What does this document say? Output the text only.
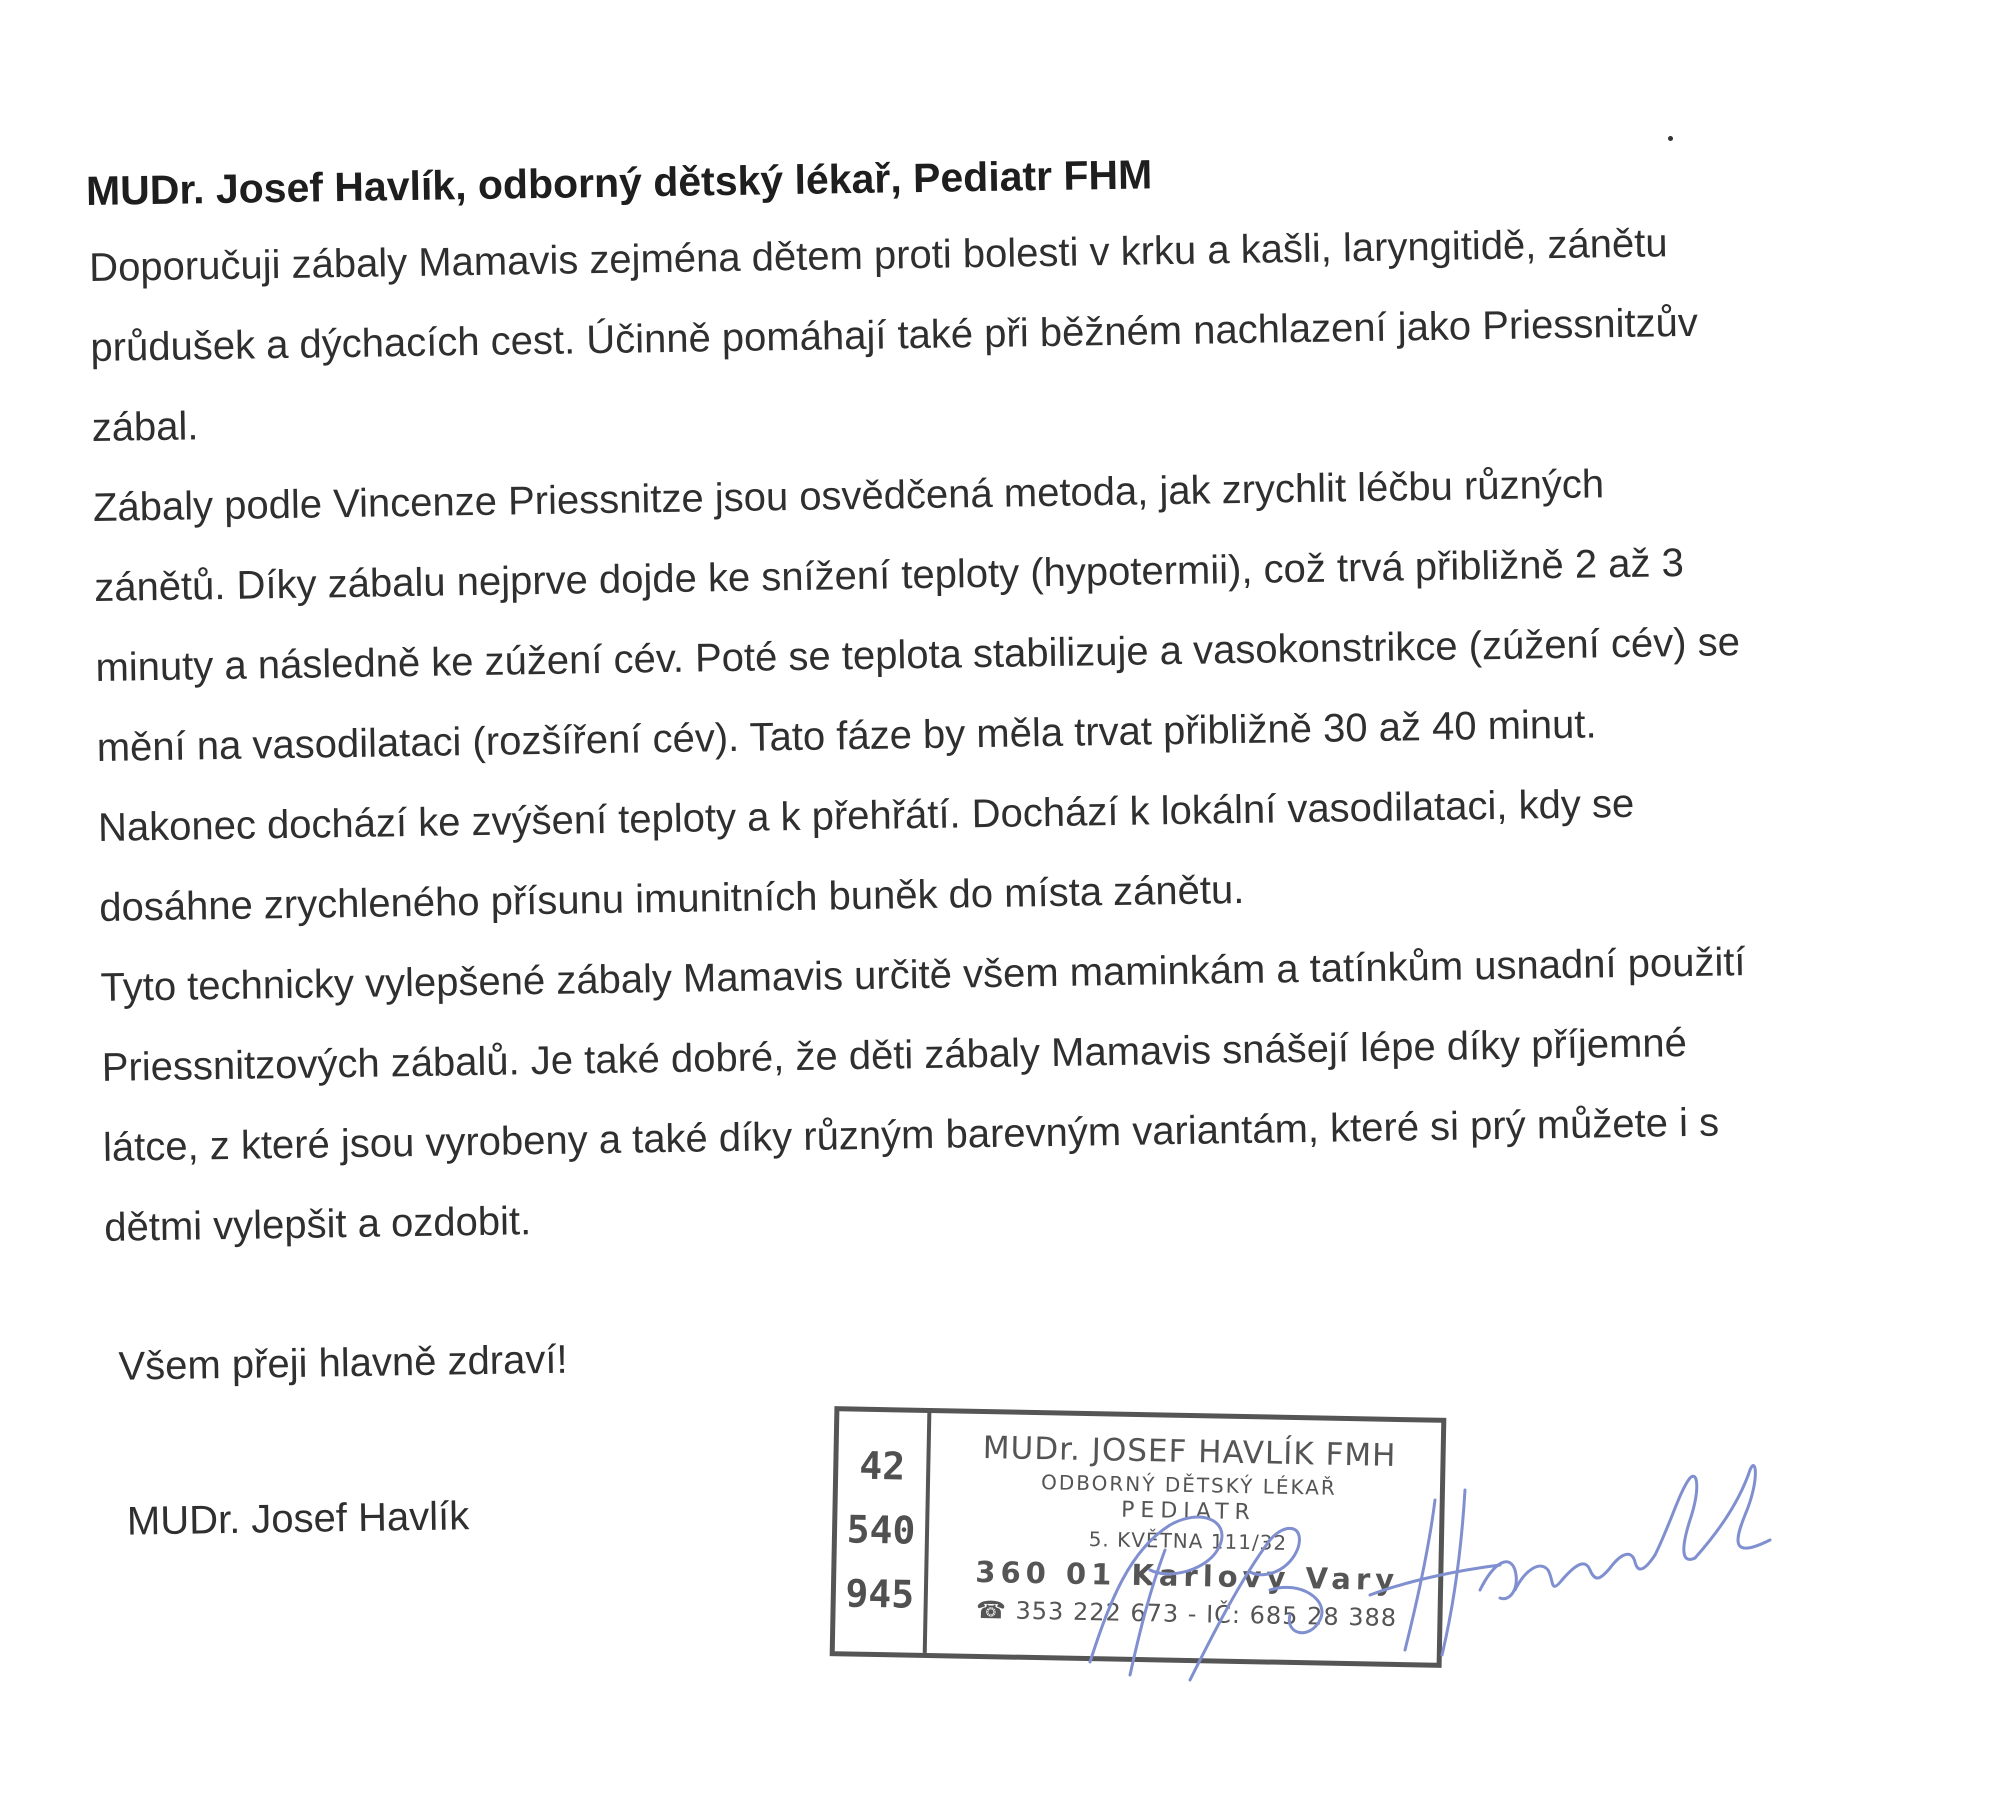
MUDr. Josef Havlík, odborný dětský lékař, Pediatr FHM
Doporučuji zábaly Mamavis zejména dětem proti bolesti v krku a kašli, laryngitidě, zánětu
průdušek a dýchacích cest. Účinně pomáhají také při běžném nachlazení jako Priessnitzův
zábal.
Zábaly podle Vincenze Priessnitze jsou osvědčená metoda, jak zrychlit léčbu různých
zánětů. Díky zábalu nejprve dojde ke snížení teploty (hypotermii), což trvá přibližně 2 až 3
minuty a následně ke zúžení cév. Poté se teplota stabilizuje a vasokonstrikce (zúžení cév) se
mění na vasodilataci (rozšíření cév). Tato fáze by měla trvat přibližně 30 až 40 minut.
Nakonec dochází ke zvýšení teploty a k přehřátí. Dochází k lokální vasodilataci, kdy se
dosáhne zrychleného přísunu imunitních buněk do místa zánětu.
Tyto technicky vylepšené zábaly Mamavis určitě všem maminkám a tatínkům usnadní použití
Priessnitzových zábalů. Je také dobré, že děti zábaly Mamavis snášejí lépe díky příjemné
látce, z které jsou vyrobeny a také díky různým barevným variantám, které si prý můžete i s
dětmi vylepšit a ozdobit.
Všem přeji hlavně zdraví!
MUDr. Josef Havlík
42
540
945
MUDr. JOSEF HAVLÍK FMH
ODBORNÝ DĚTSKÝ LÉKAŘ
PEDIATR
5. KVĚTNA 111/32
360 01 Karlovy Vary
☎ 353 222 673 - IČ: 685 28 388
